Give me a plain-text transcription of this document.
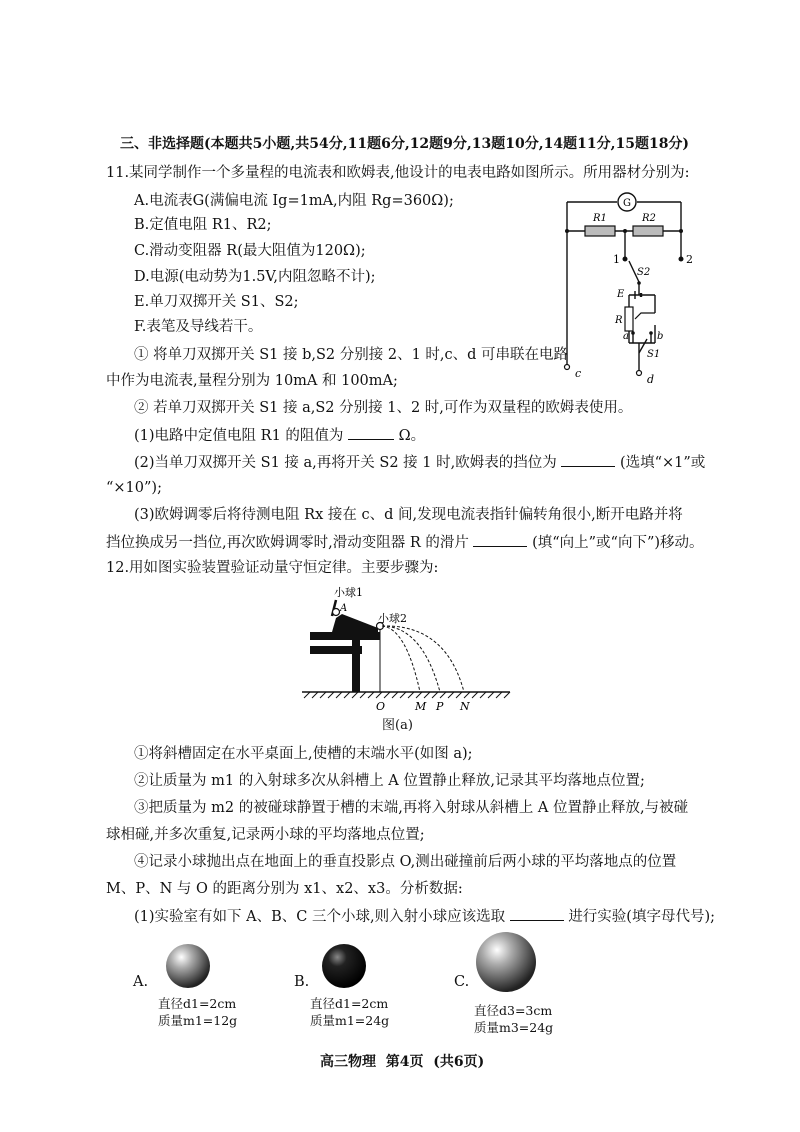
三、非选择题(本题共5小题,共54分,11题6分,12题9分,13题10分,14题11分,15题18分)
11.某同学制作一个多量程的电流表和欧姆表,他设计的电表电路如图所示。所用器材分别为:
A.电流表G(满偏电流 Ig=1mA,内阻 Rg=360Ω);
B.定值电阻 R1、R2;
C.滑动变阻器 R(最大阻值为120Ω);
D.电源(电动势为1.5V,内阻忽略不计);
E.单刀双掷开关 S1、S2;
F.表笔及导线若干。
① 将单刀双掷开关 S1 接 b,S2 分别接 2、1 时,c、d 可串联在电路
中作为电流表,量程分别为 10mA 和 100mA;
② 若单刀双掷开关 S1 接 a,S2 分别接 1、2 时,可作为双量程的欧姆表使用。
(1)电路中定值电阻 R1 的阻值为	Ω。
(2)当单刀双掷开关 S1 接 a,再将开关 S2 接 1 时,欧姆表的挡位为	(选填“×1”或
“×10”);
(3)欧姆调零后将待测电阻 Rx 接在 c、d 间,发现电流表指针偏转角很小,断开电路并将
挡位换成另一挡位,再次欧姆调零时,滑动变阻器 R 的滑片	(填“向上”或“向下”)移动。
G
R1	R2
1	2
S2
E
R
a	b
S1
c	d
12.用如图实验装置验证动量守恒定律。主要步骤为:
小球1
A
小球2
O	M P N
图(a)
①将斜槽固定在水平桌面上,使槽的末端水平(如图 a);
②让质量为 m1 的入射球多次从斜槽上 A 位置静止释放,记录其平均落地点位置;
③把质量为 m2 的被碰球静置于槽的末端,再将入射球从斜槽上 A 位置静止释放,与被碰
球相碰,并多次重复,记录两小球的平均落地点位置;
④记录小球抛出点在地面上的垂直投影点 O,测出碰撞前后两小球的平均落地点的位置
M、P、N 与 O 的距离分别为 x1、x2、x3。分析数据:
(1)实验室有如下 A、B、C 三个小球,则入射小球应该选取	进行实验(填字母代号);
A.	B.	C.
直径d1=2cm
质量m1=12g
直径d1=2cm
质量m1=24g
直径d3=3cm
质量m3=24g
高三物理  第4页  (共6页)
